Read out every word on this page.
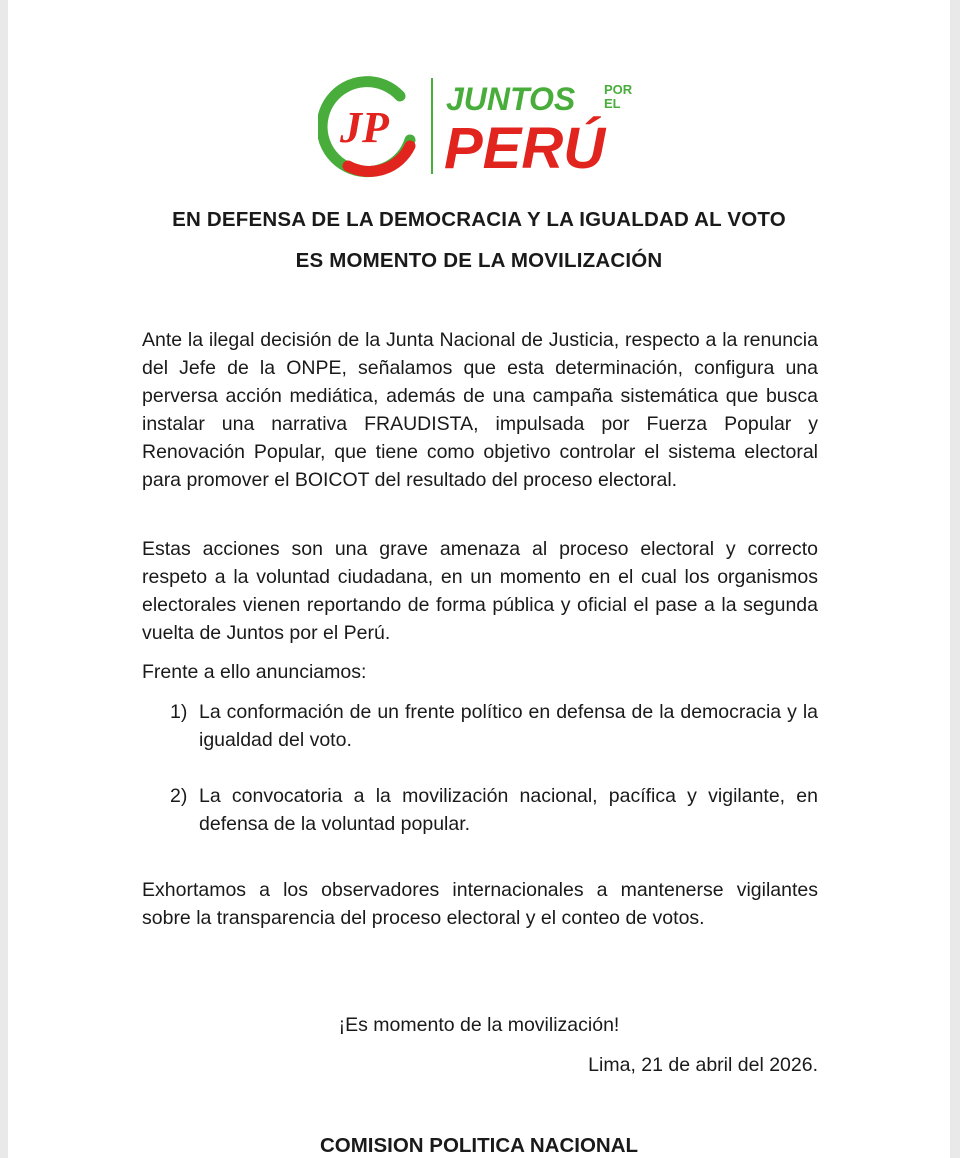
J P
JUNTOS POR
EL
PERÚ

EN DEFENSA DE LA DEMOCRACIA Y LA IGUALDAD AL VOTO

ES MOMENTO DE LA MOVILIZACIÓN

Ante la ilegal decisión de la Junta Nacional de Justicia, respecto a la renuncia del Jefe de la ONPE, señalamos que esta determinación, configura una perversa acción mediática, además de una campaña sistemática que busca instalar una narrativa FRAUDISTA, impulsada por Fuerza Popular y Renovación Popular, que tiene como objetivo controlar el sistema electoral para promover el BOICOT del resultado del proceso electoral.

Estas acciones son una grave amenaza al proceso electoral y correcto respeto a la voluntad ciudadana, en un momento en el cual los organismos electorales vienen reportando de forma pública y oficial el pase a la segunda vuelta de Juntos por el Perú.

Frente a ello anunciamos:

1) La conformación de un frente político en defensa de la democracia y la igualdad del voto.
2) La convocatoria a la movilización nacional, pacífica y vigilante, en defensa de la voluntad popular.

Exhortamos a los observadores internacionales a mantenerse vigilantes sobre la transparencia del proceso electoral y el conteo de votos.

¡Es momento de la movilización!

Lima, 21 de abril del 2026.

COMISION POLITICA NACIONAL
